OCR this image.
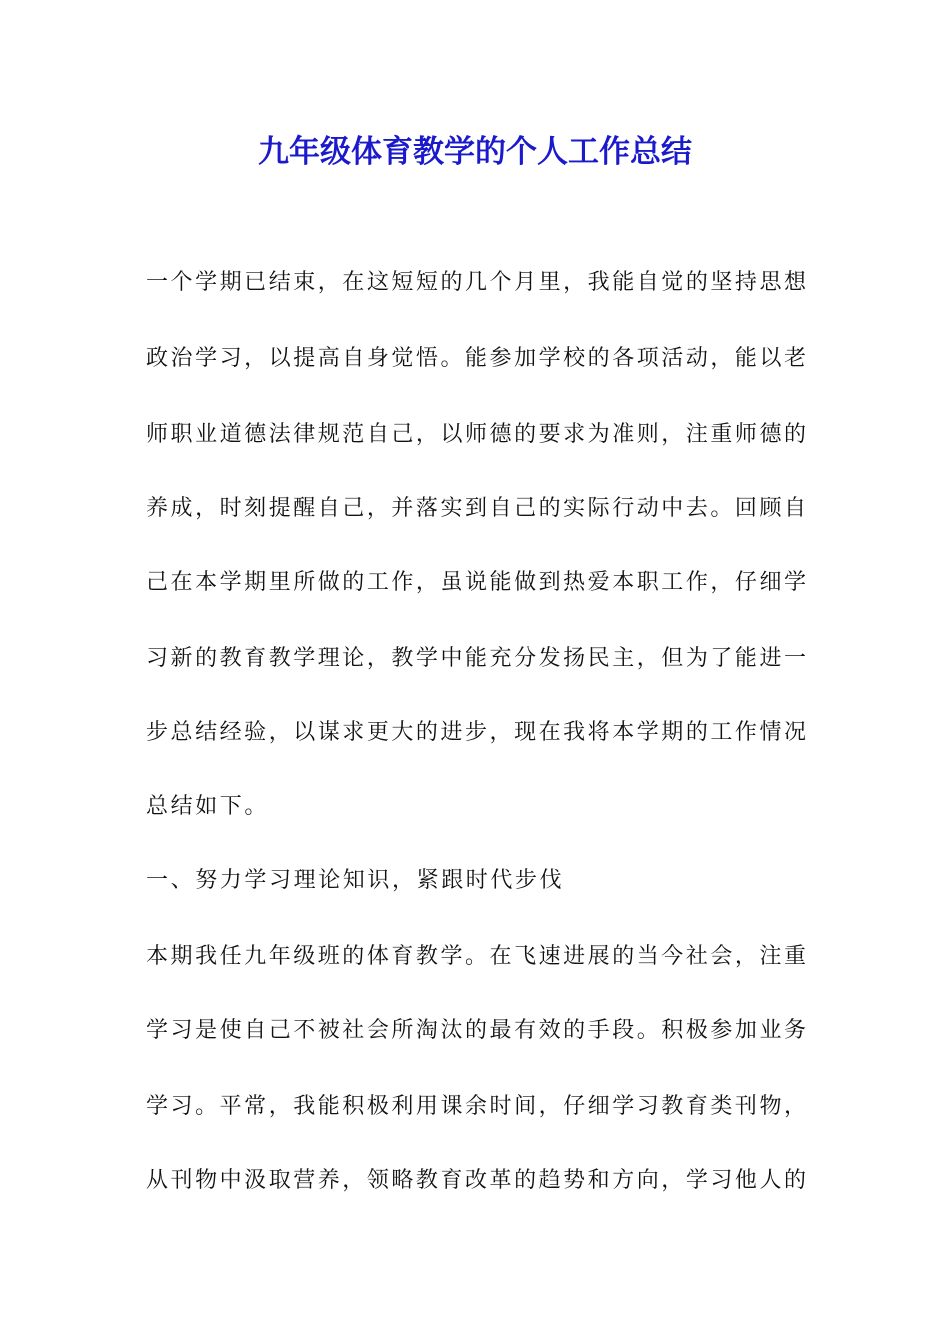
九年级体育教学的个人工作总结

一个学期已结束，在这短短的几个月里，我能自觉的坚持思想

政治学习，以提高自身觉悟。能参加学校的各项活动，能以老

师职业道德法律规范自己，以师德的要求为准则，注重师德的

养成，时刻提醒自己，并落实到自己的实际行动中去。回顾自

己在本学期里所做的工作，虽说能做到热爱本职工作，仔细学

习新的教育教学理论，教学中能充分发扬民主，但为了能进一

步总结经验，以谋求更大的进步，现在我将本学期的工作情况

总结如下。

一、努力学习理论知识，紧跟时代步伐

本期我任九年级班的体育教学。在飞速进展的当今社会，注重

学习是使自己不被社会所淘汰的最有效的手段。积极参加业务

学习。平常，我能积极利用课余时间，仔细学习教育类刊物，

从刊物中汲取营养，领略教育改革的趋势和方向，学习他人的
